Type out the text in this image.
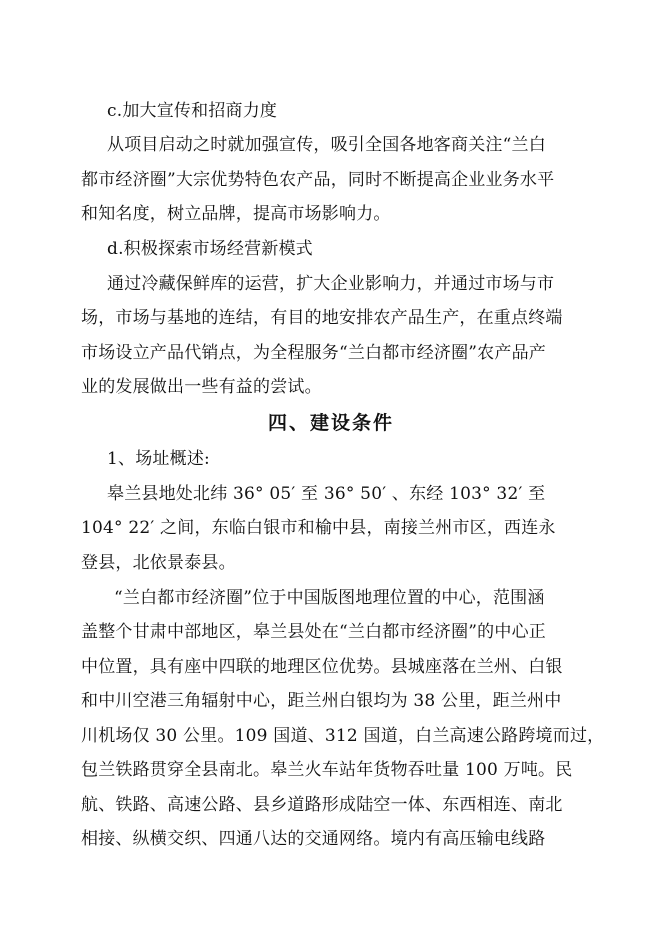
c.加大宣传和招商力度
从项目启动之时就加强宣传，吸引全国各地客商关注“兰白
都市经济圈”大宗优势特色农产品，同时不断提高企业业务水平
和知名度，树立品牌，提高市场影响力。
d.积极探索市场经营新模式
通过冷藏保鲜库的运营，扩大企业影响力，并通过市场与市
场，市场与基地的连结，有目的地安排农产品生产，在重点终端
市场设立产品代销点，为全程服务“兰白都市经济圈”农产品产
业的发展做出一些有益的尝试。
四、建设条件
1、场址概述:
皋兰县地处北纬 36° 05′ 至 36° 50′ 、东经 103° 32′ 至
104° 22′ 之间，东临白银市和榆中县，南接兰州市区，西连永
登县，北依景泰县。
“兰白都市经济圈”位于中国版图地理位置的中心，范围涵
盖整个甘肃中部地区，皋兰县处在“兰白都市经济圈”的中心正
中位置，具有座中四联的地理区位优势。县城座落在兰州、白银
和中川空港三角辐射中心，距兰州白银均为 38 公里，距兰州中
川机场仅 30 公里。109 国道、312 国道，白兰高速公路跨境而过，
包兰铁路贯穿全县南北。皋兰火车站年货物吞吐量 100 万吨。民
航、铁路、高速公路、县乡道路形成陆空一体、东西相连、南北
相接、纵横交织、四通八达的交通网络。境内有高压输电线路
